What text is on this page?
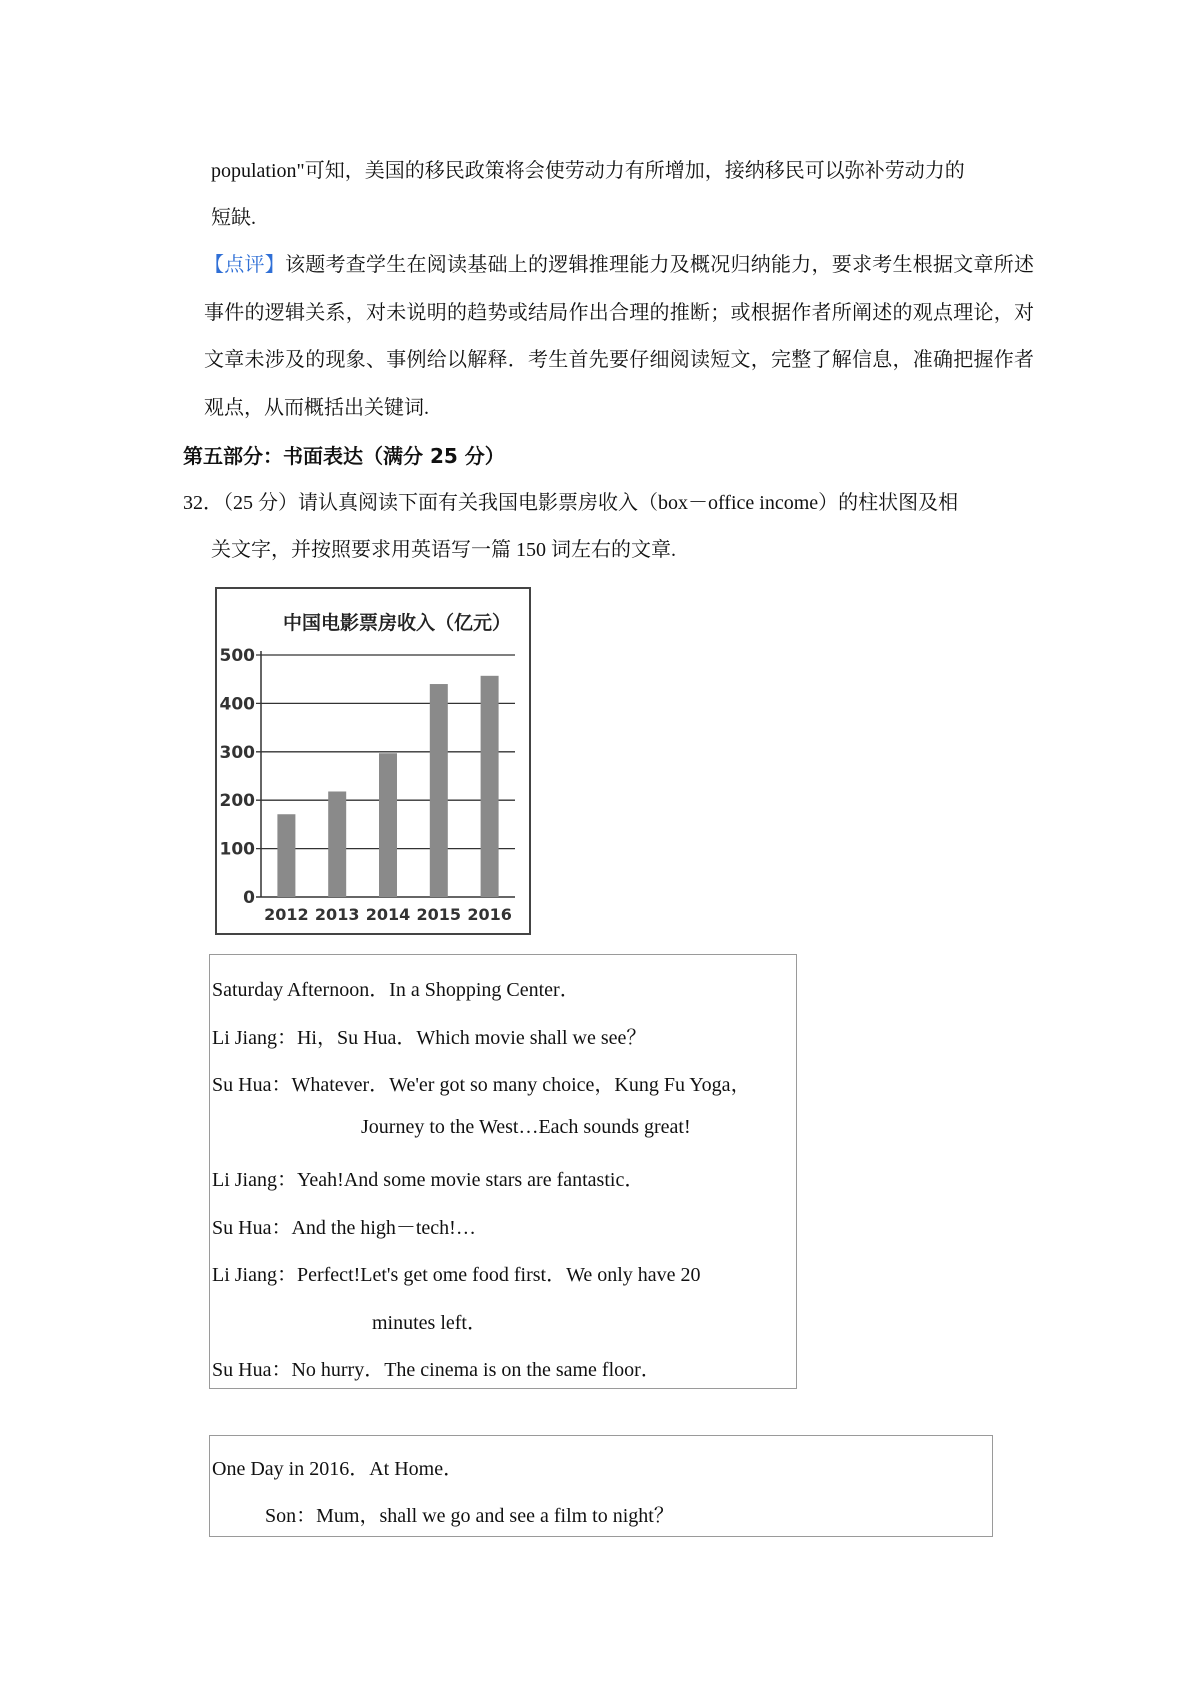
population"可知，美国的移民政策将会使劳动力有所增加，接纳移民可以弥补劳动力的

短缺.

【点评】该题考查学生在阅读基础上的逻辑推理能力及概况归纳能力，要求考生根据文章所述事件的逻辑关系，对未说明的趋势或结局作出合理的推断；或根据作者所阐述的观点理论，对文章未涉及的现象、事例给以解释．考生首先要仔细阅读短文，完整了解信息，准确把握作者观点，从而概括出关键词.

第五部分：书面表达（满分 25 分）

32．（25 分）请认真阅读下面有关我国电影票房收入（box－office income）的柱状图及相

关文字，并按照要求用英语写一篇 150 词左右的文章.

中国电影票房收入（亿元）
0
100
200
300
400
500
2012 2013 2014 2015 2016
Saturday Afternoon．In a Shopping Center．
Li Jiang：Hi，Su Hua．Which movie shall we see？
Su Hua：Whatever．We'er got so many choice，Kung Fu Yoga，
Journey to the West…Each sounds great!
Li Jiang：Yeah!And some movie stars are fantastic．
Su Hua：And the high－tech!…
Li Jiang：Perfect!Let's get ome food first．We only have 20
minutes left．
Su Hua：No hurry．The cinema is on the same floor．
One Day in 2016．At Home．
Son：Mum，shall we go and see a film to night？
